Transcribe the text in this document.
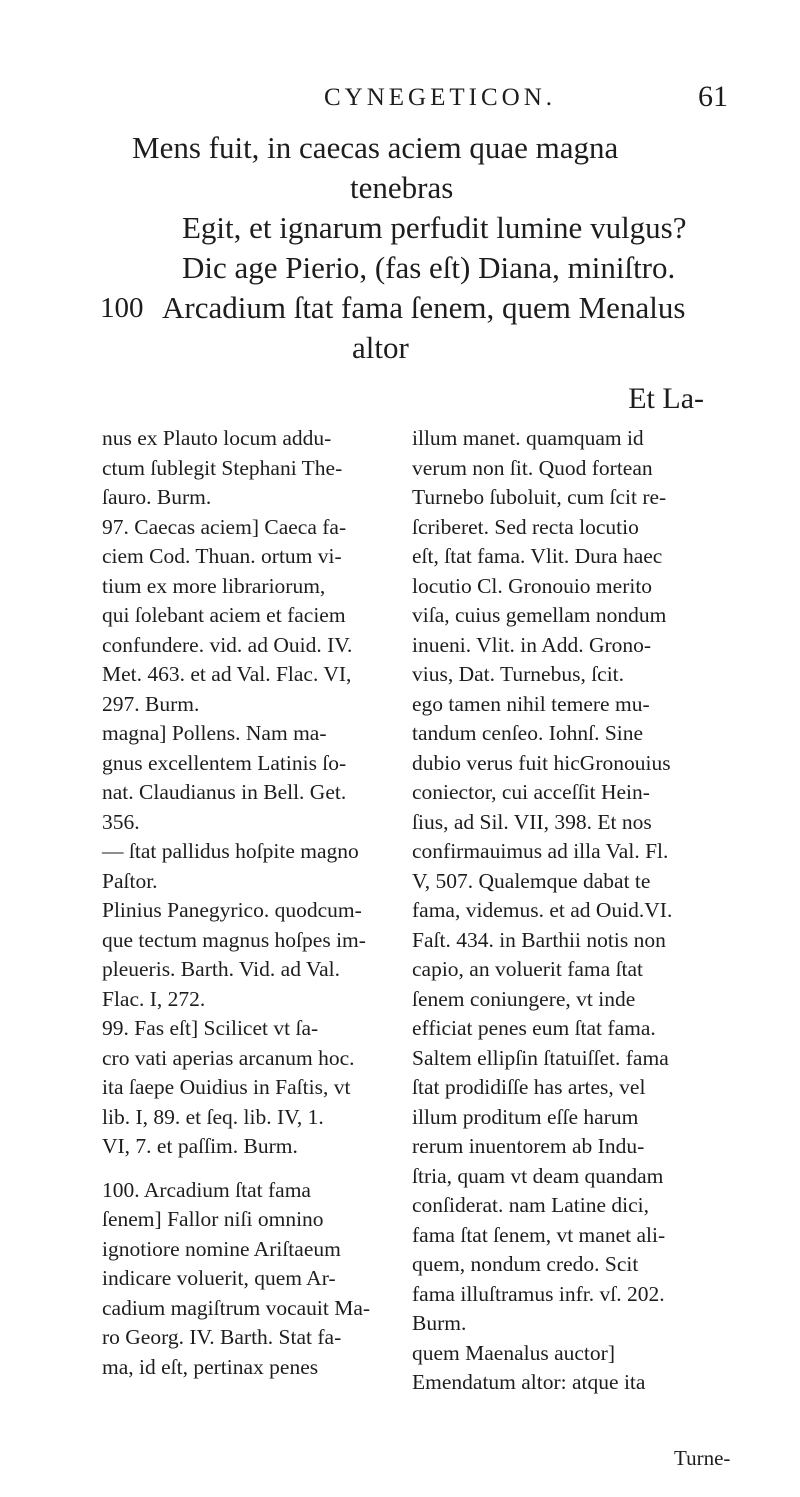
CYNEGETICON.	61
Mens fuit, in caecas aciem quae magna
tenebras
Egit, et ignarum perfudit lumine vulgus?
Dic age Pierio, (fas eſt) Diana, miniſtro.
100 Arcadium ſtat fama ſenem, quem Menalus
altor
Et La-
nus ex Plauto locum addu-
ctum ſublegit Stephani The-
ſauro. Burm.
97. Caecas aciem] Caeca fa-
ciem Cod. Thuan. ortum vi-
tium ex more librariorum,
qui ſolebant aciem et faciem
confundere. vid. ad Ouid. IV.
Met. 463. et ad Val. Flac. VI,
297. Burm.
magna] Pollens. Nam ma-
gnus excellentem Latinis ſo-
nat. Claudianus in Bell. Get.
356.
— ſtat pallidus hoſpite magno
Paſtor.
Plinius Panegyrico. quodcum-
que tectum magnus hoſpes im-
pleueris. Barth. Vid. ad Val.
Flac. I, 272.
99. Fas eſt] Scilicet vt ſa-
cro vati aperias arcanum hoc.
ita ſaepe Ouidius in Faſtis, vt
lib. I, 89. et ſeq. lib. IV, 1.
VI, 7. et paſſim. Burm.
100. Arcadium ſtat fama
ſenem] Fallor niſi omnino
ignotiore nomine Ariſtaeum
indicare voluerit, quem Ar-
cadium magiſtrum vocauit Ma-
ro Georg. IV. Barth. Stat fa-
ma, id eſt, pertinax penes
illum manet. quamquam id
verum non ſit. Quod fortean
Turnebo ſuboluit, cum ſcit re-
ſcriberet. Sed recta locutio
eſt, ſtat fama. Vlit. Dura haec
locutio Cl. Gronouio merito
viſa, cuius gemellam nondum
inueni. Vlit. in Add. Grono-
vius, Dat. Turnebus, ſcit.
ego tamen nihil temere mu-
tandum cenſeo. Iohnſ. Sine
dubio verus fuit hicGronouius
coniector, cui acceſſit Hein-
ſius, ad Sil. VII, 398. Et nos
confirmauimus ad illa Val. Fl.
V, 507. Qualemque dabat te
fama, videmus. et ad Ouid.VI.
Faſt. 434. in Barthii notis non
capio, an voluerit fama ſtat
ſenem coniungere, vt inde
efficiat penes eum ſtat fama.
Saltem ellipſin ſtatuiſſet. fama
ſtat prodidiſſe has artes, vel
illum proditum eſſe harum
rerum inuentorem ab Indu-
ſtria, quam vt deam quandam
conſiderat. nam Latine dici,
fama ſtat ſenem, vt manet ali-
quem, nondum credo. Scit
fama illuſtramus infr. vſ. 202.
Burm.
quem Maenalus auctor]
Emendatum altor: atque ita
Turne-
